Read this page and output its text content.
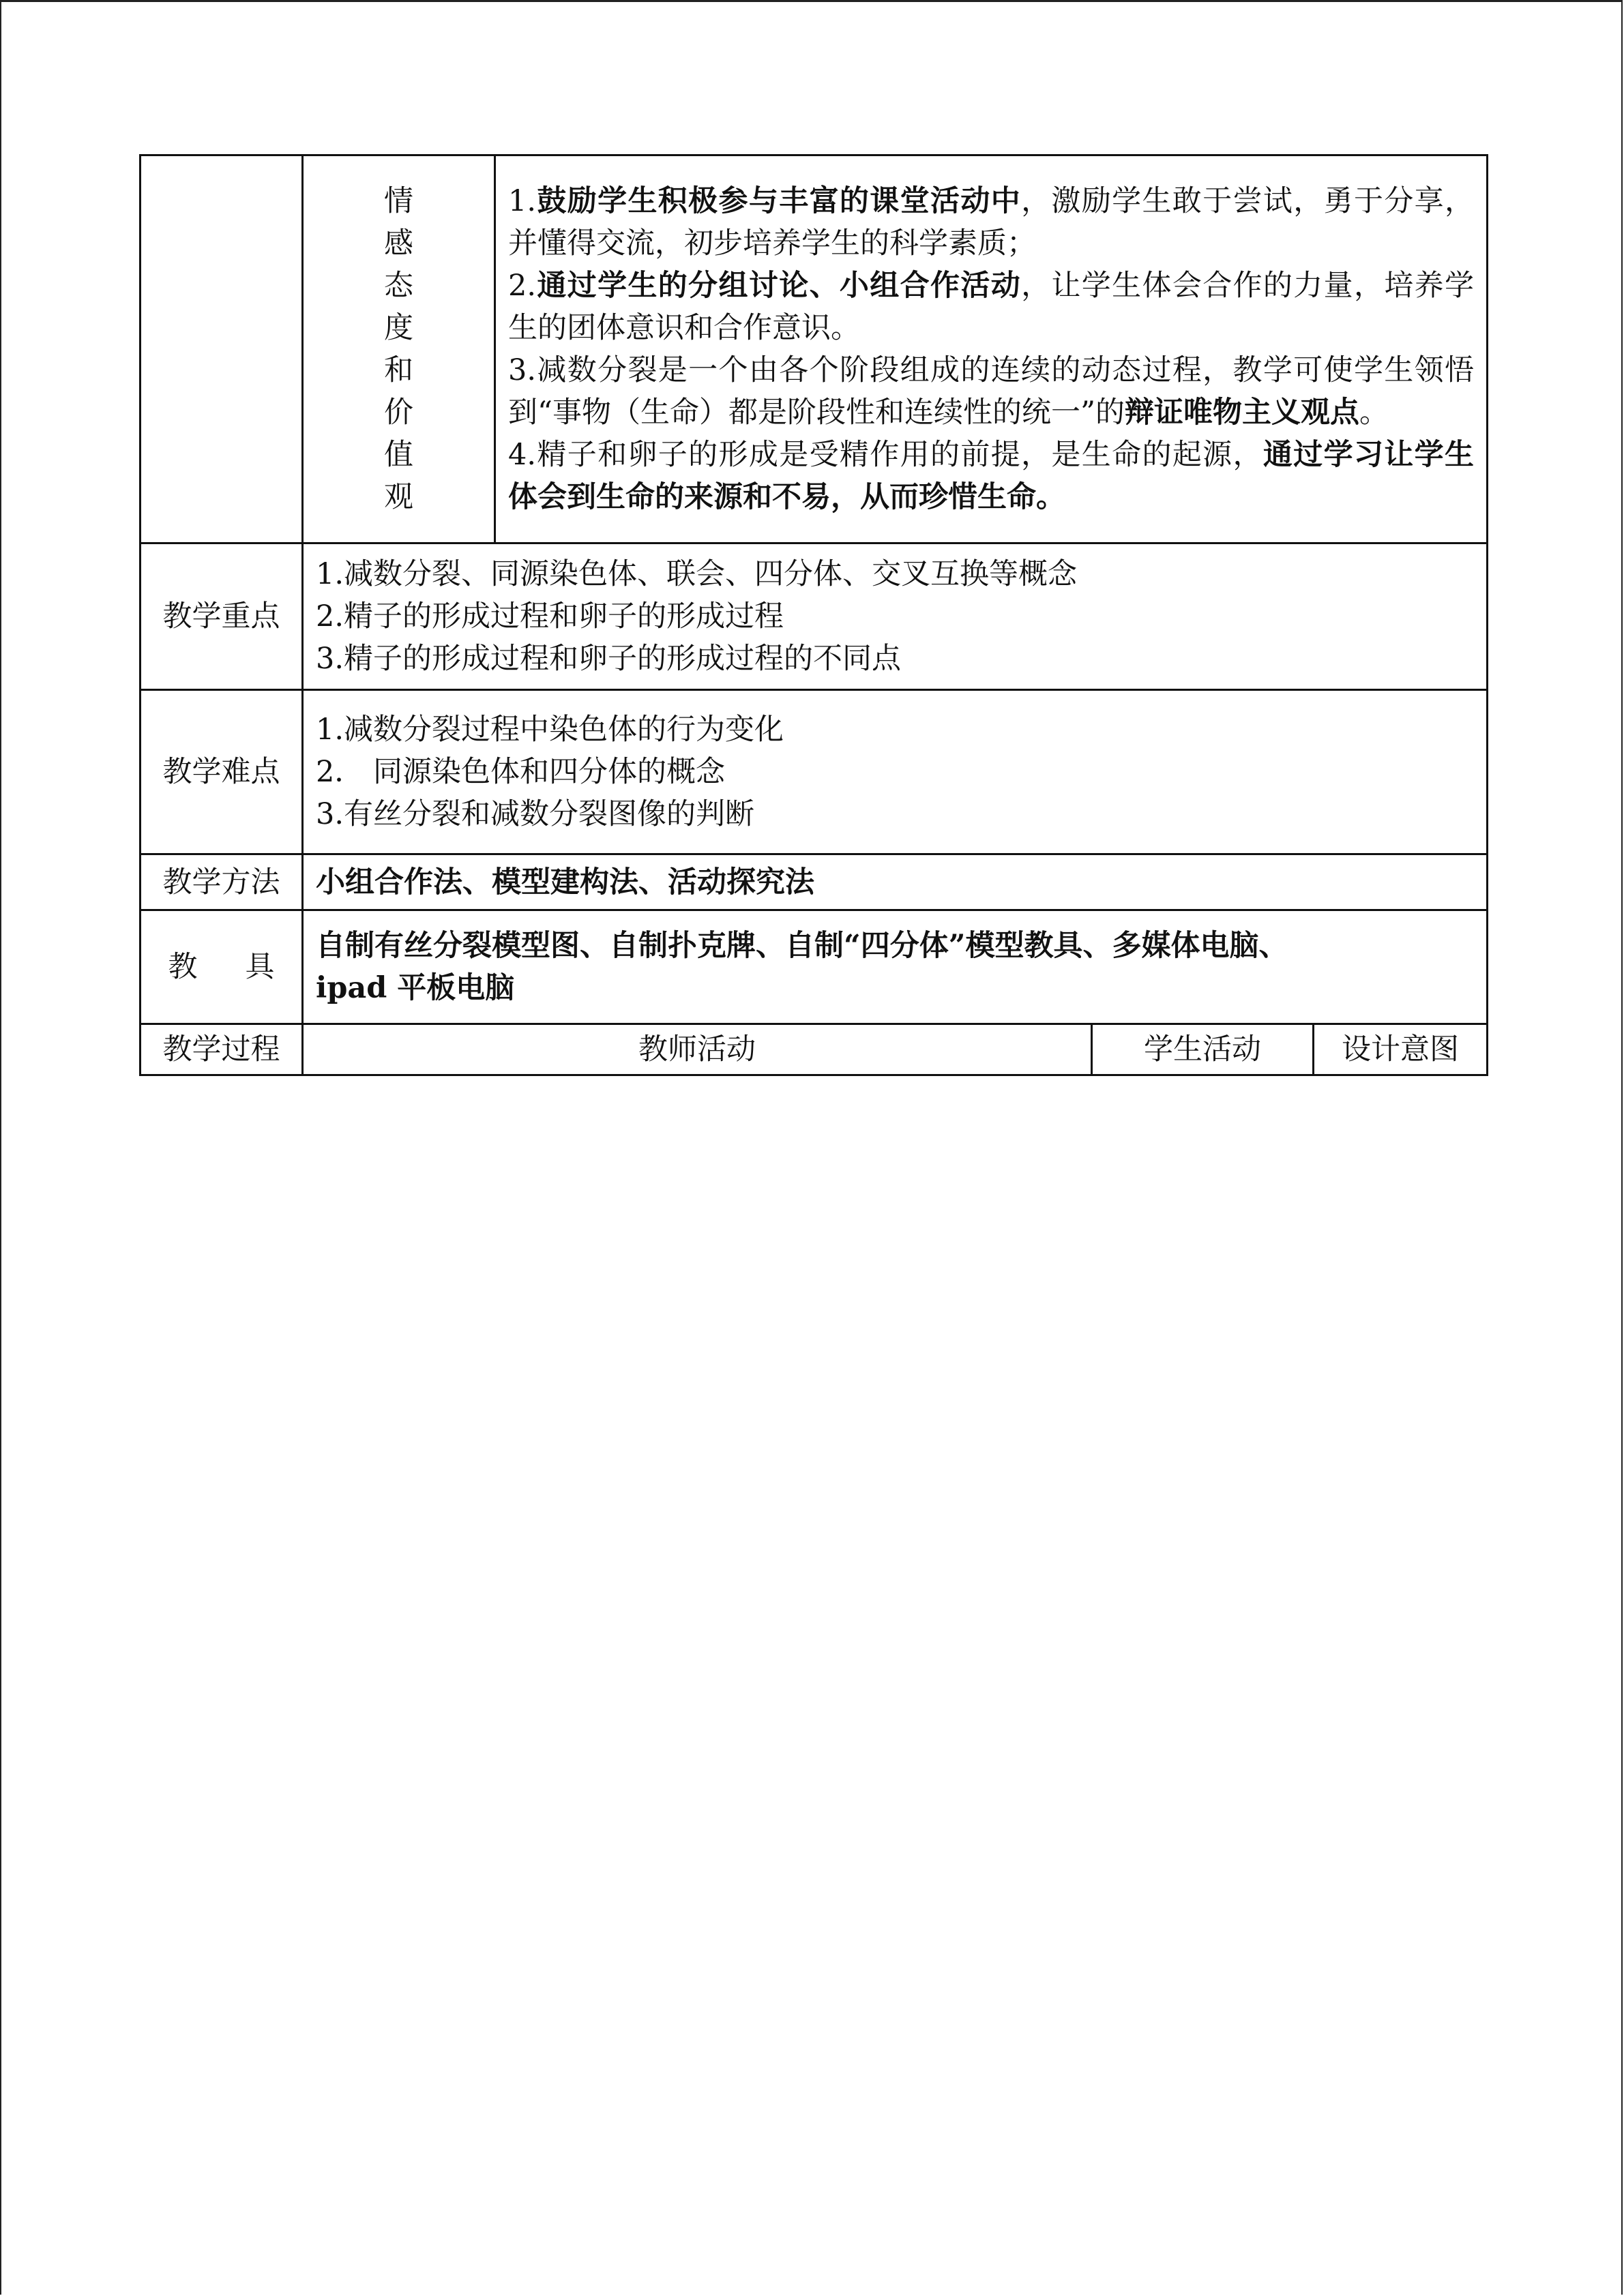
	情感态度和价值观	1.鼓励学生积极参与丰富的课堂活动中，激励学生敢于尝试，勇于分享，并懂得交流，初步培养学生的科学素质；
2.通过学生的分组讨论、小组合作活动，让学生体会合作的力量，培养学生的团体意识和合作意识。
3.减数分裂是一个由各个阶段组成的连续的动态过程，教学可使学生领悟到“事物（生命）都是阶段性和连续性的统一”的辩证唯物主义观点。
4.精子和卵子的形成是受精作用的前提，是生命的起源，通过学习让学生体会到生命的来源和不易，从而珍惜生命。		

教学重点	1.减数分裂、同源染色体、联会、四分体、交叉互换等概念
2.精子的形成过程和卵子的形成过程
3.精子的形成过程和卵子的形成过程的不同点			

教学难点	1.减数分裂过程中染色体的行为变化
2． 同源染色体和四分体的概念
3.有丝分裂和减数分裂图像的判断			

教学方法	小组合作法、模型建构法、活动探究法			
教 具	自制有丝分裂模型图、自制扑克牌、自制“四分体”模型教具、多媒体电脑、
ipad 平板电脑			

教学过程	教师活动		学生活动	设计意图
